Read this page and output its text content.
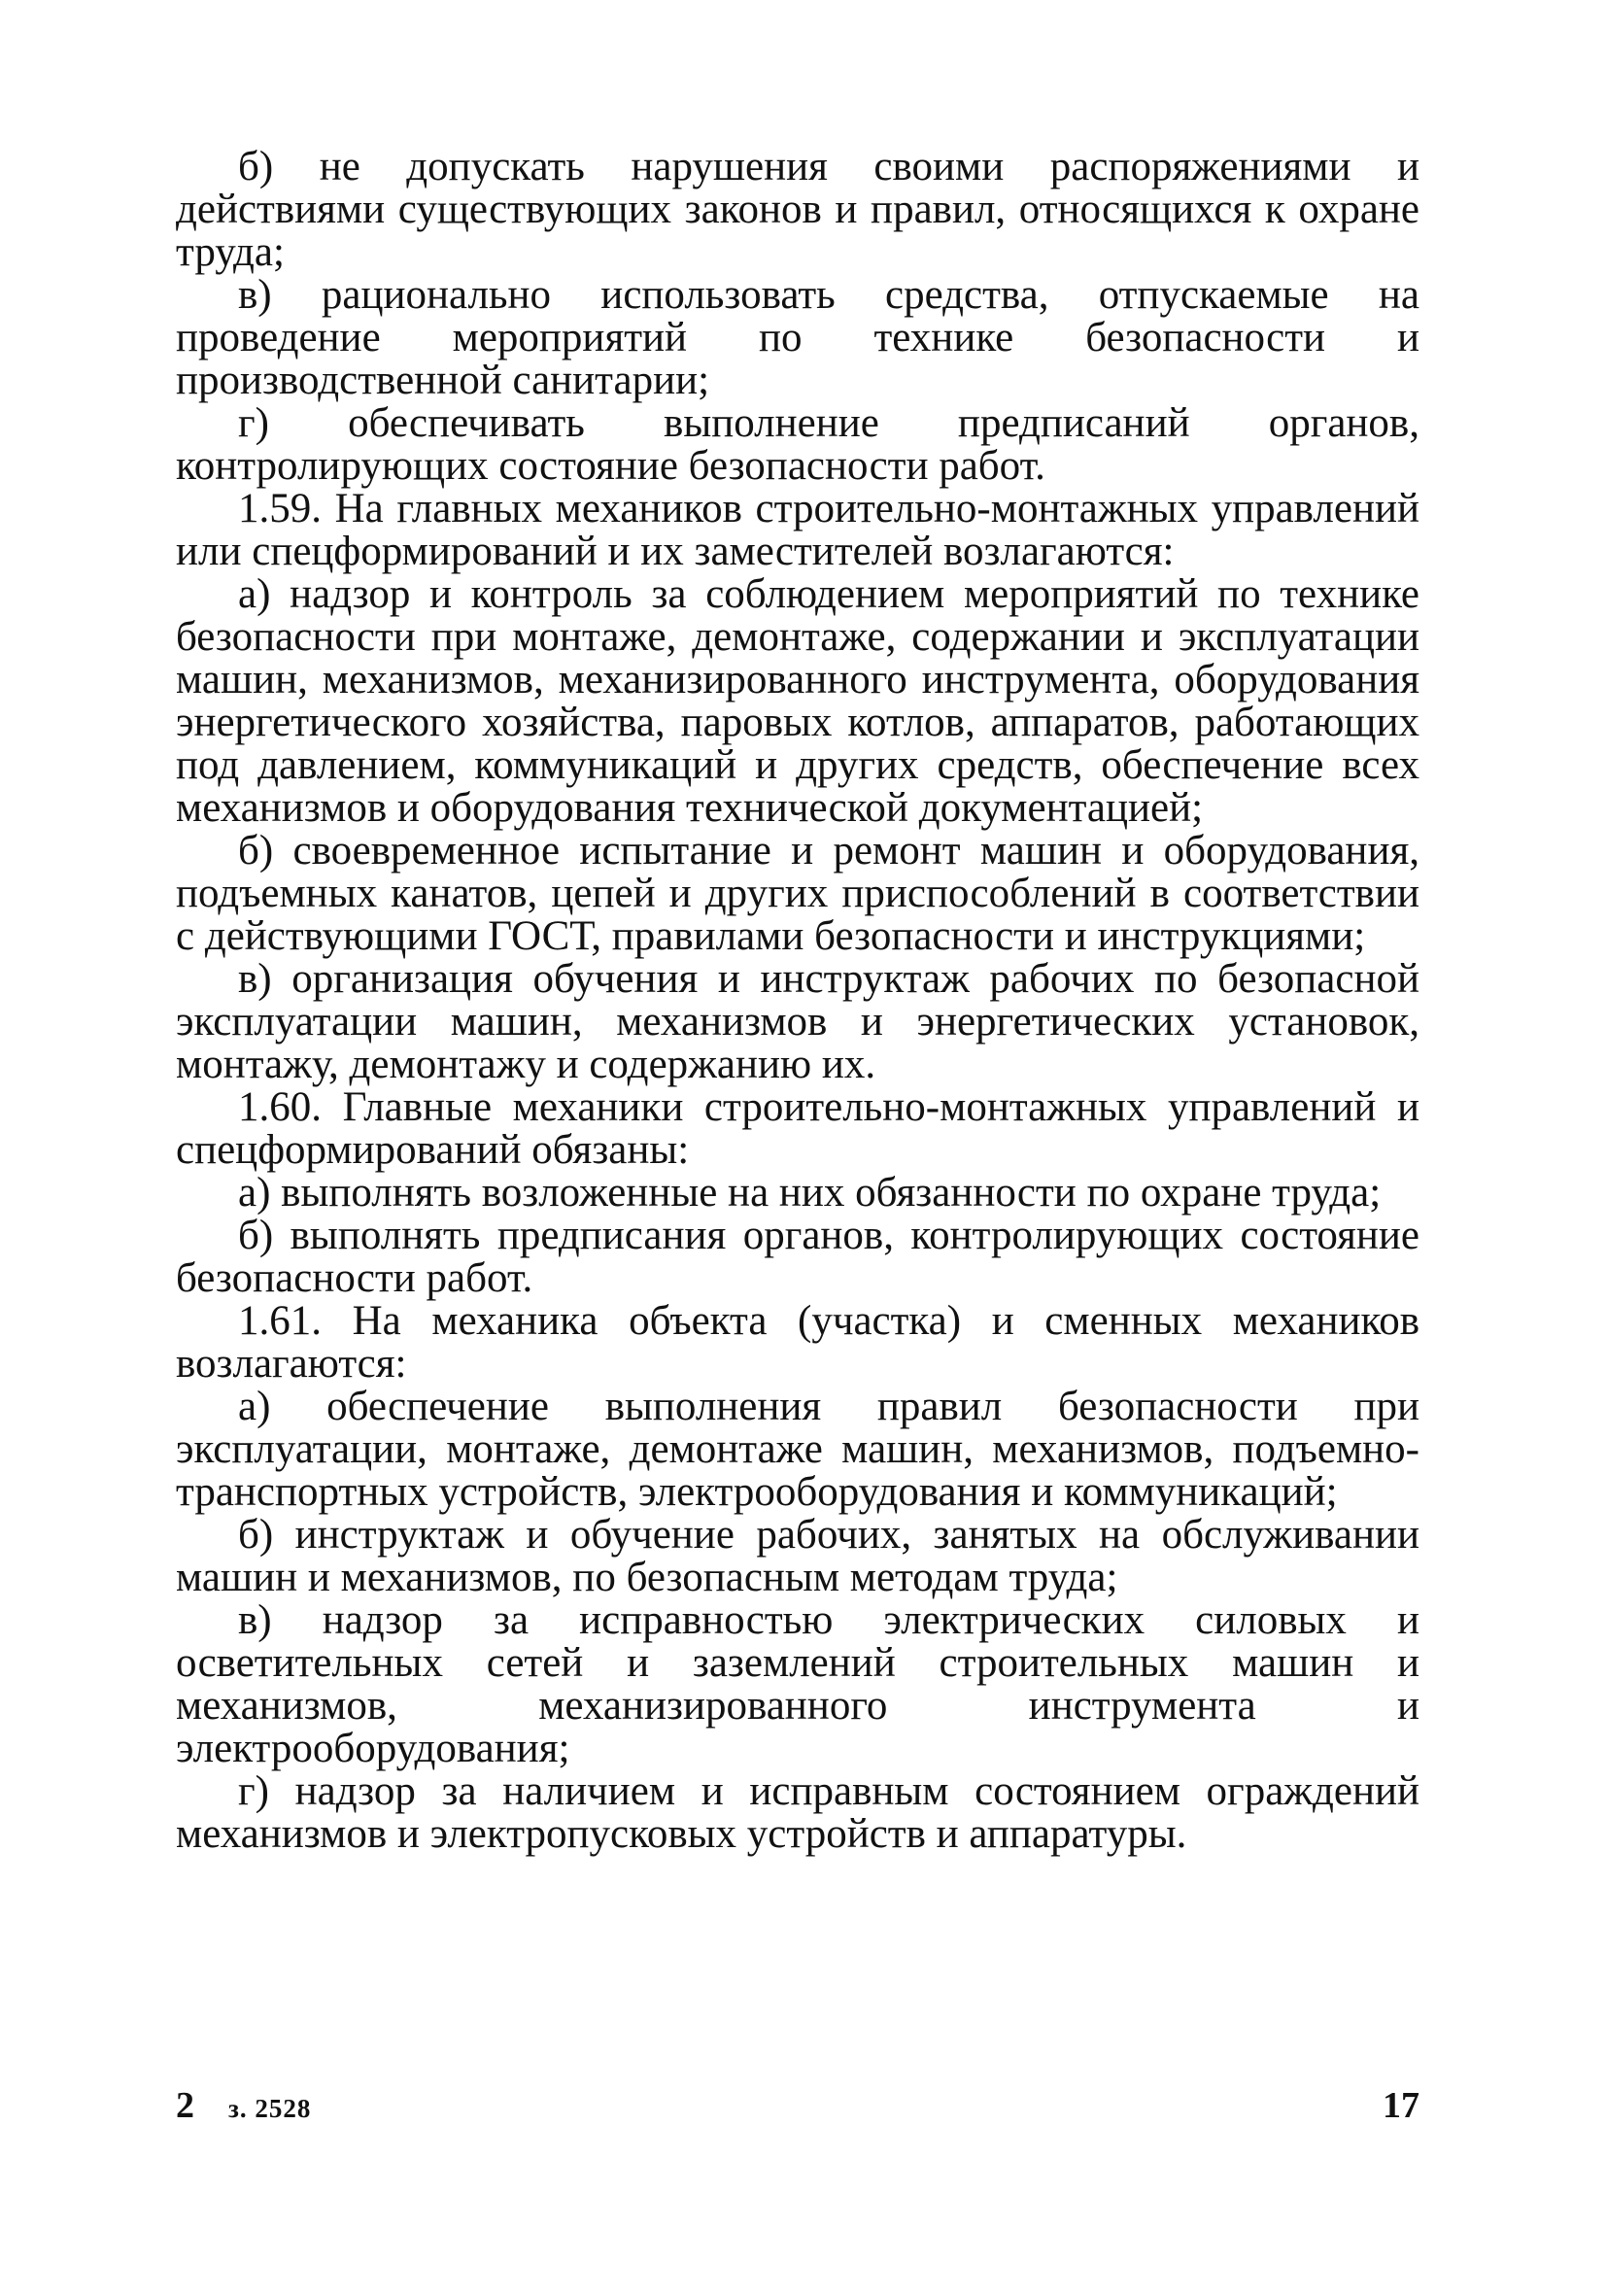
б) не допускать нарушения своими распоряжениями и действиями существующих законов и правил, относящихся к охране труда;

в) рационально использовать средства, отпускаемые на проведение мероприятий по технике безопасности и производственной санитарии;

г) обеспечивать выполнение предписаний органов, контролирующих состояние безопасности работ.

1.59. На главных механиков строительно-монтажных управлений или спецформирований и их заместителей возлагаются:

а) надзор и контроль за соблюдением мероприятий по технике безопасности при монтаже, демонтаже, содержании и эксплуатации машин, механизмов, механизированного инструмента, оборудования энергетического хозяйства, паровых котлов, аппаратов, работающих под давлением, коммуникаций и других средств, обеспечение всех механизмов и оборудования технической документацией;

б) своевременное испытание и ремонт машин и оборудования, подъемных канатов, цепей и других приспособлений в соответствии с действующими ГОСТ, правилами безопасности и инструкциями;

в) организация обучения и инструктаж рабочих по безопасной эксплуатации машин, механизмов и энергетических установок, монтажу, демонтажу и содержанию их.

1.60. Главные механики строительно-монтажных управлений и спецформирований обязаны:

а) выполнять возложенные на них обязанности по охране труда;

б) выполнять предписания органов, контролирующих состояние безопасности работ.

1.61. На механика объекта (участка) и сменных механиков возлагаются:

а) обеспечение выполнения правил безопасности при эксплуатации, монтаже, демонтаже машин, механизмов, подъемно-транспортных устройств, электрооборудования и коммуникаций;

б) инструктаж и обучение рабочих, занятых на обслуживании машин и механизмов, по безопасным методам труда;

в) надзор за исправностью электрических силовых и осветительных сетей и заземлений строительных машин и механизмов, механизированного инструмента и электрооборудования;

г) надзор за наличием и исправным состоянием ограждений механизмов и электропусковых устройств и аппаратуры.

2 з. 2528	17
